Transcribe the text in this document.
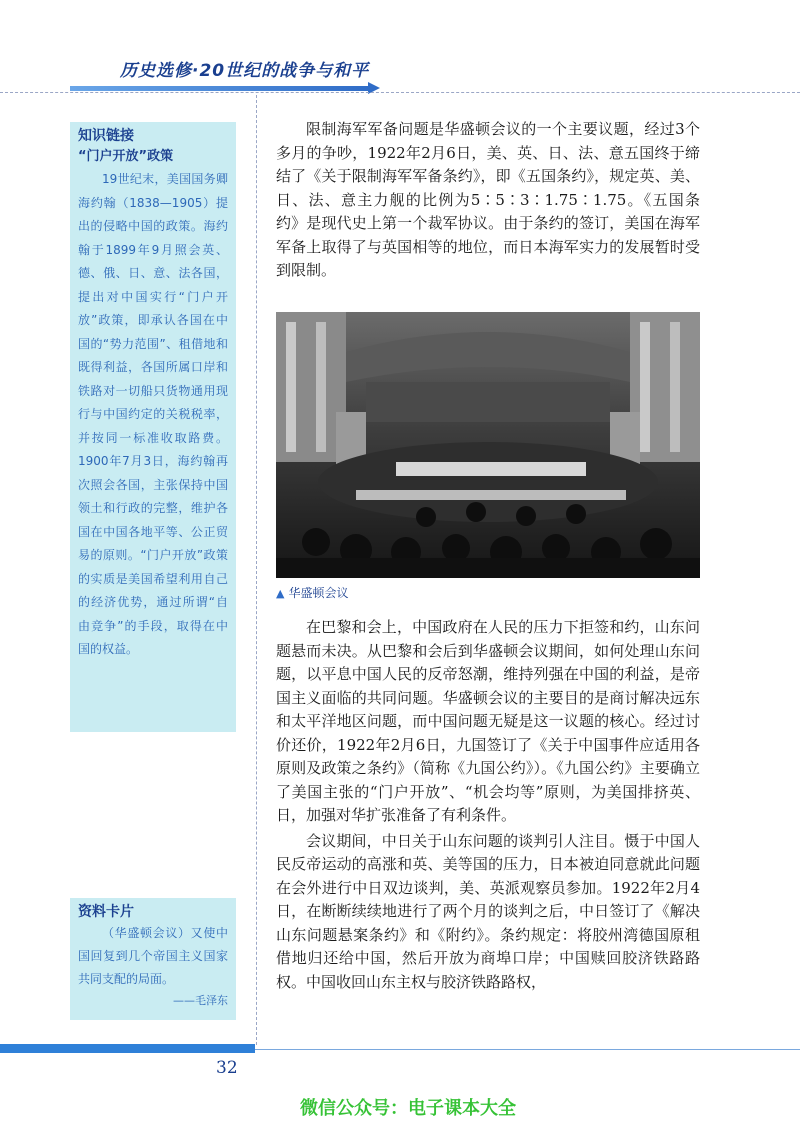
历史选修·20世纪的战争与和平

知识链接

“门户开放”政策

19世纪末，美国国务卿海约翰（1838—1905）提出的侵略中国的政策。海约翰于1899年9月照会英、德、俄、日、意、法各国，提出对中国实行“门户开放”政策，即承认各国在中国的“势力范围”、租借地和既得利益，各国所属口岸和铁路对一切船只货物通用现行与中国约定的关税税率，并按同一标准收取路费。1900年7月3日，海约翰再次照会各国，主张保持中国领土和行政的完整，维护各国在中国各地平等、公正贸易的原则。“门户开放”政策的实质是美国希望利用自己的经济优势，通过所谓“自由竞争”的手段，取得在中国的权益。

资料卡片

（华盛顿会议）又使中国回复到几个帝国主义国家共同支配的局面。

——毛泽东

限制海军军备问题是华盛顿会议的一个主要议题，经过3个多月的争吵，1922年2月6日，美、英、日、法、意五国终于缔结了《关于限制海军军备条约》，即《五国条约》，规定英、美、日、法、意主力舰的比例为5∶5∶3∶1.75∶1.75。《五国条约》是现代史上第一个裁军协议。由于条约的签订，美国在海军军备上取得了与英国相等的地位，而日本海军实力的发展暂时受到限制。

▲ 华盛顿会议

在巴黎和会上，中国政府在人民的压力下拒签和约，山东问题悬而未决。从巴黎和会后到华盛顿会议期间，如何处理山东问题，以平息中国人民的反帝怒潮，维持列强在中国的利益，是帝国主义面临的共同问题。华盛顿会议的主要目的是商讨解决远东和太平洋地区问题，而中国问题无疑是这一议题的核心。经过讨价还价，1922年2月6日，九国签订了《关于中国事件应适用各原则及政策之条约》（简称《九国公约》）。《九国公约》主要确立了美国主张的“门户开放”、“机会均等”原则，为美国排挤英、日，加强对华扩张准备了有利条件。

会议期间，中日关于山东问题的谈判引人注目。慑于中国人民反帝运动的高涨和英、美等国的压力，日本被迫同意就此问题在会外进行中日双边谈判，美、英派观察员参加。1922年2月4日，在断断续续地进行了两个月的谈判之后，中日签订了《解决山东问题悬案条约》和《附约》。条约规定：将胶州湾德国原租借地归还给中国，然后开放为商埠口岸；中国赎回胶济铁路路权。中国收回山东主权与胶济铁路路权，

32
微信公众号：电子课本大全
